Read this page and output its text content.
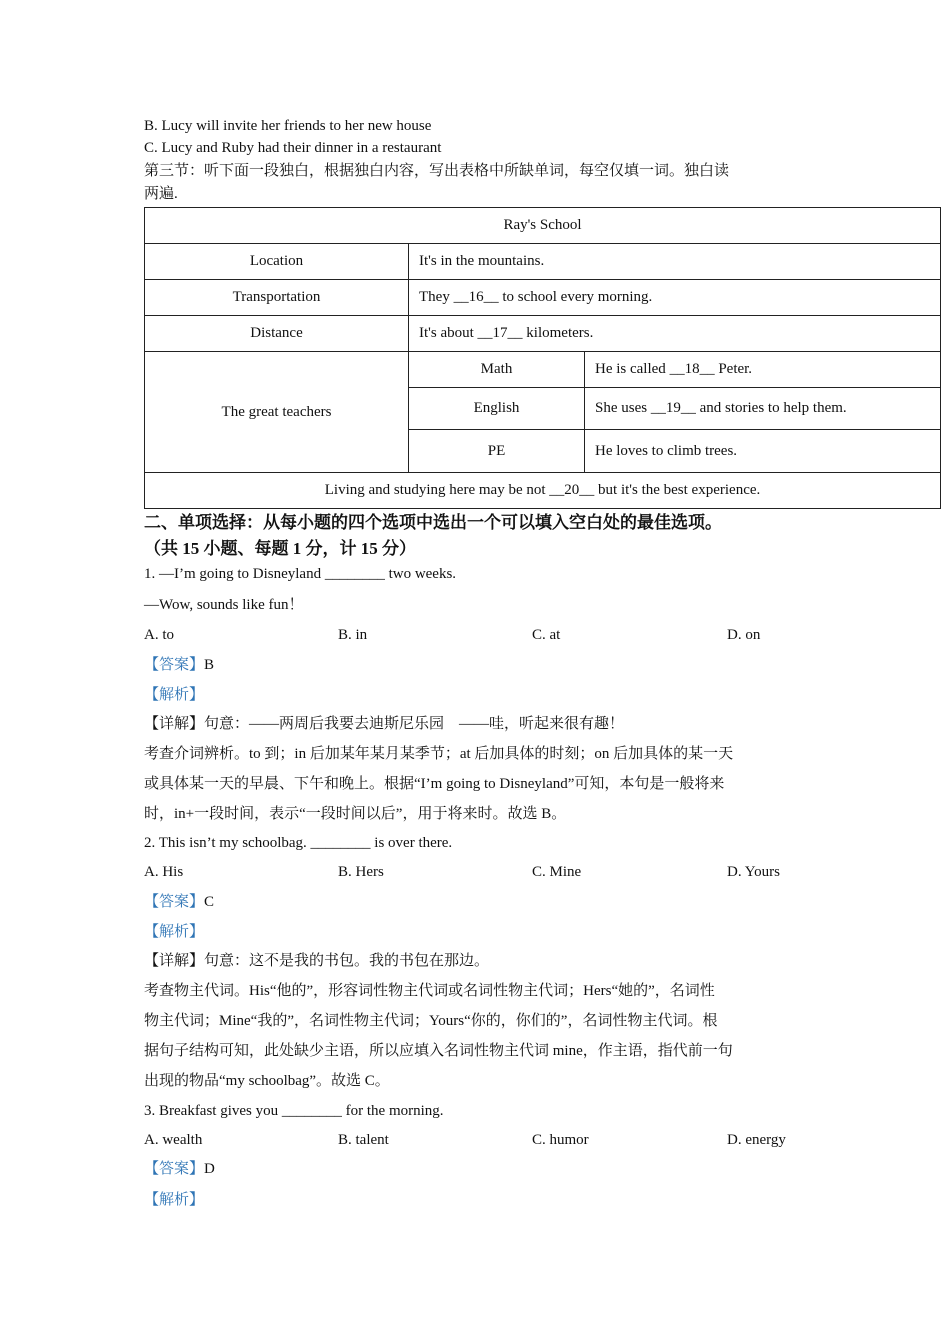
B. Lucy will invite her friends to her new house
C. Lucy and Ruby had their dinner in a restaurant
第三节：听下面一段独白，根据独白内容，写出表格中所缺单词，每空仅填一词。独白读
两遍.
Ray's School		
Location	It's in the mountains.	
Transportation	They __16__ to school every morning.	
Distance	It's about __17__ kilometers.	
The great teachers	Math	He is called __18__ Peter.
	English	She uses __19__ and stories to help them.
	PE	He loves to climb trees.
Living and studying here may be not __20__ but it's the best experience.		
二、单项选择：从每小题的四个选项中选出一个可以填入空白处的最佳选项。
（共 15 小题、每题 1 分，计 15 分）
1. —I’m going to Disneyland ________ two weeks.
—Wow, sounds like fun！
A. to	B. in	C. at	D. on
【答案】B
【解析】
【详解】句意：——两周后我要去迪斯尼乐园　——哇，听起来很有趣！
考查介词辨析。to 到；in 后加某年某月某季节；at 后加具体的时刻；on 后加具体的某一天
或具体某一天的早晨、下午和晚上。根据“I’m going to Disneyland”可知，本句是一般将来
时，in+一段时间，表示“一段时间以后”，用于将来时。故选 B。
2. This isn’t my schoolbag. ________ is over there.
A. His	B. Hers	C. Mine	D. Yours
【答案】C
【解析】
【详解】句意：这不是我的书包。我的书包在那边。
考查物主代词。His“他的”，形容词性物主代词或名词性物主代词；Hers“她的”，名词性
物主代词；Mine“我的”，名词性物主代词；Yours“你的，你们的”，名词性物主代词。根
据句子结构可知，此处缺少主语，所以应填入名词性物主代词 mine，作主语，指代前一句
出现的物品“my schoolbag”。故选 C。
3. Breakfast gives you ________ for the morning.
A. wealth	B. talent	C. humor	D. energy
【答案】D
【解析】
